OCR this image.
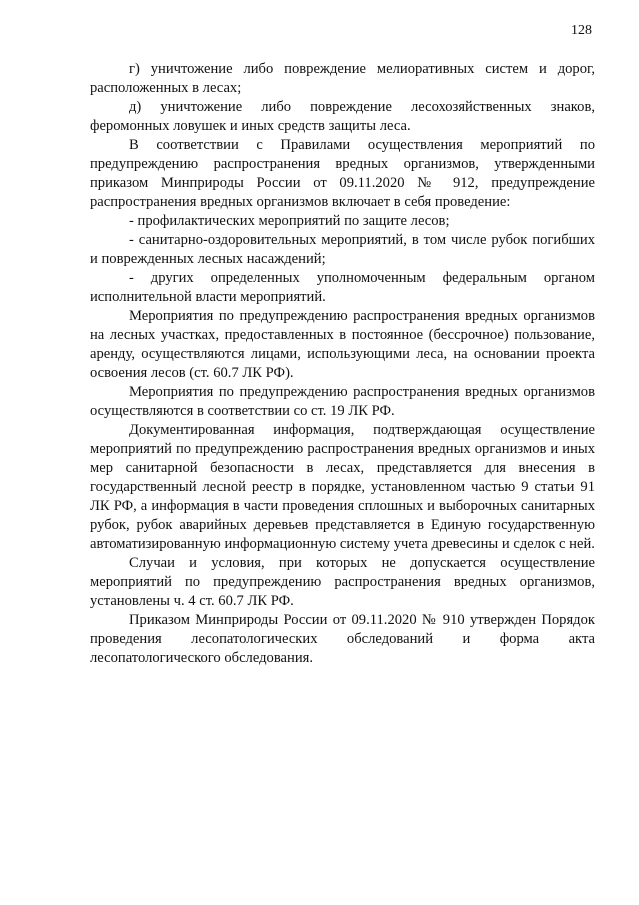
128

г) уничтожение либо повреждение мелиоративных систем и дорог, расположенных в лесах;

д) уничтожение либо повреждение лесохозяйственных знаков, феромонных ловушек и иных средств защиты леса.

В соответствии с Правилами осуществления мероприятий по предупреждению распространения вредных организмов, утвержденными приказом Минприроды России от 09.11.2020 № 912, предупреждение распространения вредных организмов включает в себя проведение:

- профилактических мероприятий по защите лесов;

- санитарно-оздоровительных мероприятий, в том числе рубок погибших и поврежденных лесных насаждений;

- других определенных уполномоченным федеральным органом исполнительной власти мероприятий.

Мероприятия по предупреждению распространения вредных организмов на лесных участках, предоставленных в постоянное (бессрочное) пользование, аренду, осуществляются лицами, использующими леса, на основании проекта освоения лесов (ст. 60.7 ЛК РФ).

Мероприятия по предупреждению распространения вредных организмов осуществляются в соответствии со ст. 19 ЛК РФ.

Документированная информация, подтверждающая осуществление мероприятий по предупреждению распространения вредных организмов и иных мер санитарной безопасности в лесах, представляется для внесения в государственный лесной реестр в порядке, установленном частью 9 статьи 91 ЛК РФ, а информация в части проведения сплошных и выборочных санитарных рубок, рубок аварийных деревьев представляется в Единую государственную автоматизированную информационную систему учета древесины и сделок с ней.

Случаи и условия, при которых не допускается осуществление мероприятий по предупреждению распространения вредных организмов, установлены ч. 4 ст. 60.7 ЛК РФ.

Приказом Минприроды России от 09.11.2020 № 910 утвержден Порядок проведения лесопатологических обследований и форма акта лесопатологического обследования.
